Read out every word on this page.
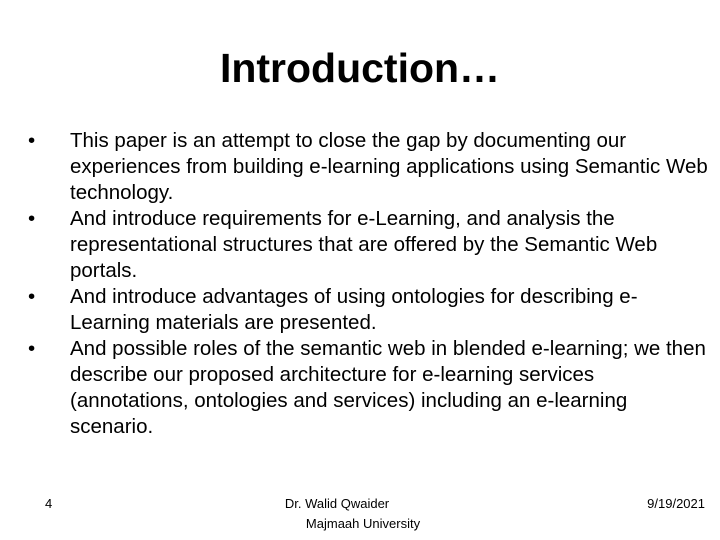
Introduction…
•	This paper is an attempt to close the gap by documenting our experiences from building e-learning applications using Semantic Web technology.
•	And introduce requirements for e-Learning, and analysis the representational structures that are offered by the Semantic Web portals.
•	And introduce advantages of using ontologies for describing e-Learning materials are presented.
•	And possible roles of the semantic web in blended e-learning; we then describe our proposed architecture for e-learning services (annotations, ontologies and services) including an e-learning scenario.
4	Dr. Walid Qwaider
Majmaah University
9/19/2021
